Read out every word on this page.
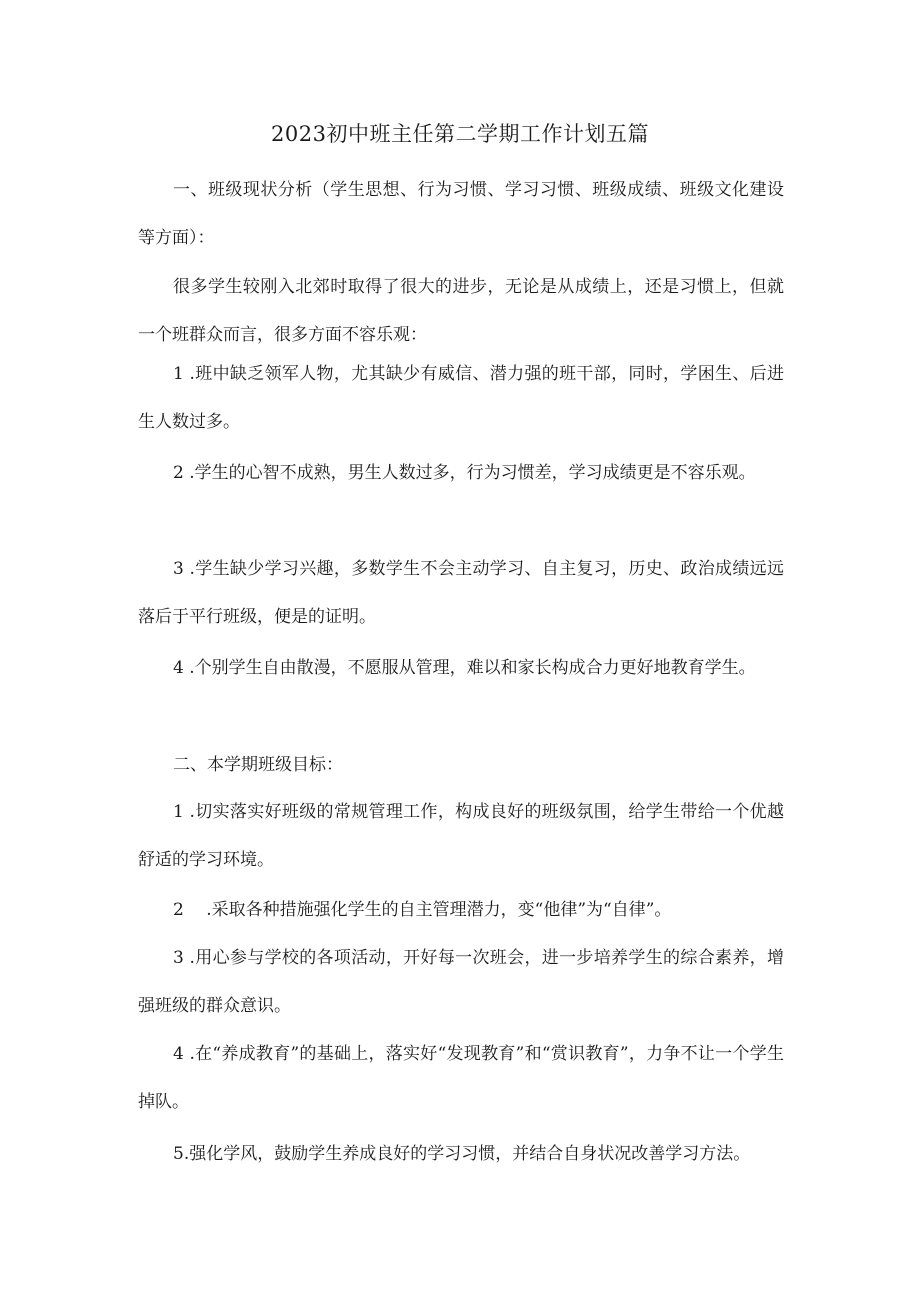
2023初中班主任第二学期工作计划五篇
一、班级现状分析（学生思想、行为习惯、学习习惯、班级成绩、班级文化建设等方面）：
很多学生较刚入北郊时取得了很大的进步，无论是从成绩上，还是习惯上，但就一个班群众而言，很多方面不容乐观：
1 .班中缺乏领军人物，尤其缺少有威信、潜力强的班干部，同时，学困生、后进生人数过多。
2 .学生的心智不成熟，男生人数过多，行为习惯差，学习成绩更是不容乐观。
3 .学生缺少学习兴趣，多数学生不会主动学习、自主复习，历史、政治成绩远远落后于平行班级，便是的证明。
4 .个别学生自由散漫，不愿服从管理，难以和家长构成合力更好地教育学生。
二、本学期班级目标：
1 .切实落实好班级的常规管理工作，构成良好的班级氛围，给学生带给一个优越舒适的学习环境。
2 　.采取各种措施强化学生的自主管理潜力，变“他律”为“自律”。
3 .用心参与学校的各项活动，开好每一次班会，进一步培养学生的综合素养，增强班级的群众意识。
4 .在“养成教育”的基础上，落实好“发现教育”和“赏识教育”，力争不让一个学生掉队。
5.强化学风，鼓励学生养成良好的学习习惯，并结合自身状况改善学习方法。
